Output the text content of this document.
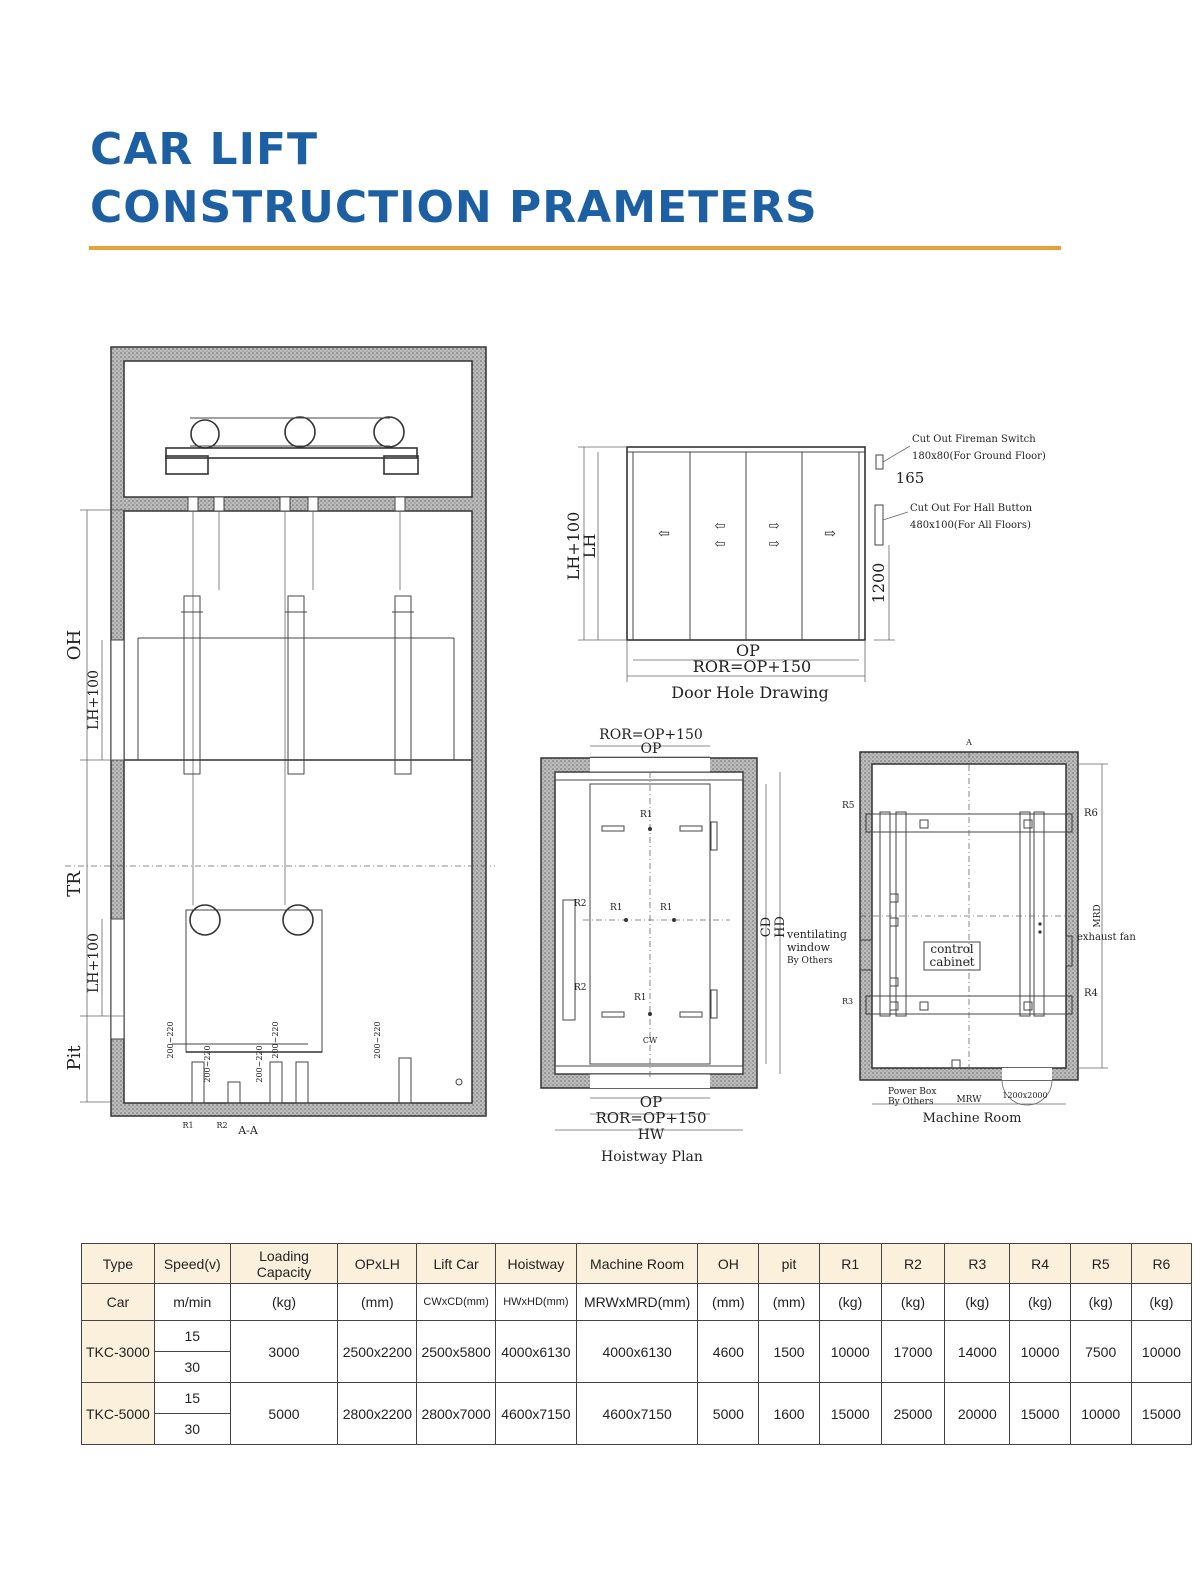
CAR LIFT
CONSTRUCTION PRAMETERS
OH
TR
Pit
LH+100
LH+100
200~220
200~220	200~220
200~220	200~220
R1	R2 A-A
⇦	⇦
⇦
⇨
⇨
⇨
LH+100
LH
1200
165
OP
ROR=OP+150
Door Hole Drawing
Cut Out Fireman Switch
180x80(For Ground Floor)
Cut Out For Hall Button
480x100(For All Floors)
ROR=OP+150
OP
OP
ROR=OP+150
HW
CD HD
CW
R1
R1	R1
R1
R2
R2
Hoistway Plan
A
R5
R6
R3
R4
MRD
MRW	1200x2000
ventilating
window
By Others
control
cabinet
exhaust fan
Power Box
By Others
Machine Room
Type	Speed(v)	Loading Capacity	OPxLH	Lift Car	Hoistway	Machine Room	OH	pit	R1	R2	R3	R4	R5	R6
Car	m/min	(kg)	(mm)	CWxCD(mm)	HWxHD(mm)	MRWxMRD(mm)	(mm)	(mm)	(kg)	(kg)	(kg)	(kg)	(kg)	(kg)
TKC-3000	15	3000	2500x2200	2500x5800	4000x6130	4000x6130	4600	1500	10000	17000	14000	10000	7500	10000
	30													
TKC-5000	15	5000	2800x2200	2800x7000	4600x7150	4600x7150	5000	1600	15000	25000	20000	15000	10000	15000
	30													
